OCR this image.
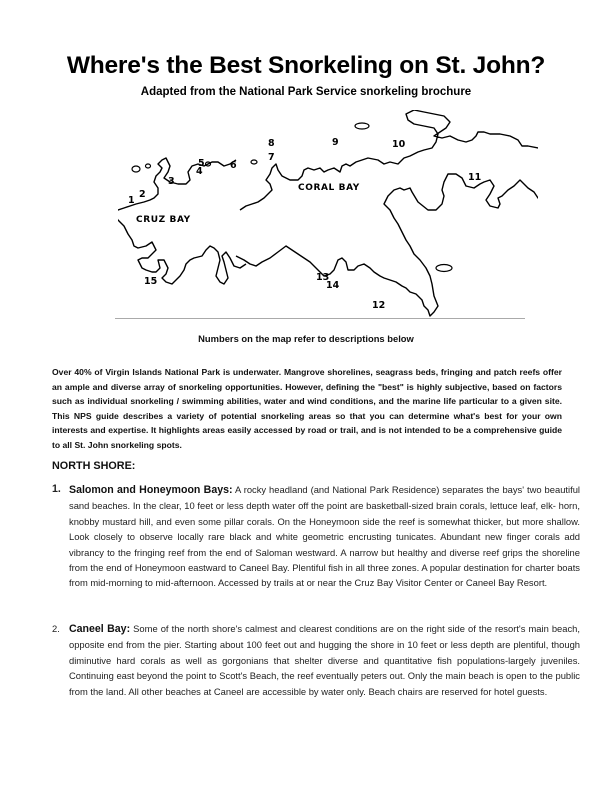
Where's the Best Snorkeling on St. John?
Adapted from the National Park Service snorkeling brochure
1
2
3
4
5	6
7
8	9	10
11
12
13
14
15
CRUZ BAY
CORAL BAY
Numbers on the map refer to descriptions below
Over 40% of Virgin Islands National Park is underwater. Mangrove shorelines, seagrass beds, fringing and patch reefs offer an ample and diverse array of snorkeling opportunities. However, defining the "best" is highly subjective, based on factors such as individual snorkeling / swimming abilities, water and wind conditions, and the marine life particular to a given site. This NPS guide describes a variety of potential snorkeling areas so that you can determine what's best for your own interests and expertise. It highlights areas easily accessed by road or trail, and is not intended to be a comprehensive guide to all St. John snorkeling spots.
NORTH SHORE:
1. Salomon and Honeymoon Bays: A rocky headland (and National Park Residence) separates the bays' two beautiful sand beaches. In the clear, 10 feet or less depth water off the point are basketball-sized brain corals, lettuce leaf, elk- horn, knobby mustard hill, and even some pillar corals. On the Honeymoon side the reef is somewhat thicker, but more shallow. Look closely to observe locally rare black and white geometric encrusting tunicates. Abundant new finger corals add vibrancy to the fringing reef from the end of Saloman westward. A narrow but healthy and diverse reef grips the shoreline from the end of Honeymoon eastward to Caneel Bay. Plentiful fish in all three zones. A popular destination for charter boats from mid-morning to mid-afternoon. Accessed by trails at or near the Cruz Bay Visitor Center or Caneel Bay Resort.
2. Caneel Bay: Some of the north shore's calmest and clearest conditions are on the right side of the resort's main beach, opposite end from the pier. Starting about 100 feet out and hugging the shore in 10 feet or less depth are plentiful, though diminutive hard corals as well as gorgonians that shelter diverse and quantitative fish populations-largely juveniles. Continuing east beyond the point to Scott's Beach, the reef eventually peters out. Only the main beach is open to the public from the land. All other beaches at Caneel are accessible by water only. Beach chairs are reserved for hotel guests.
